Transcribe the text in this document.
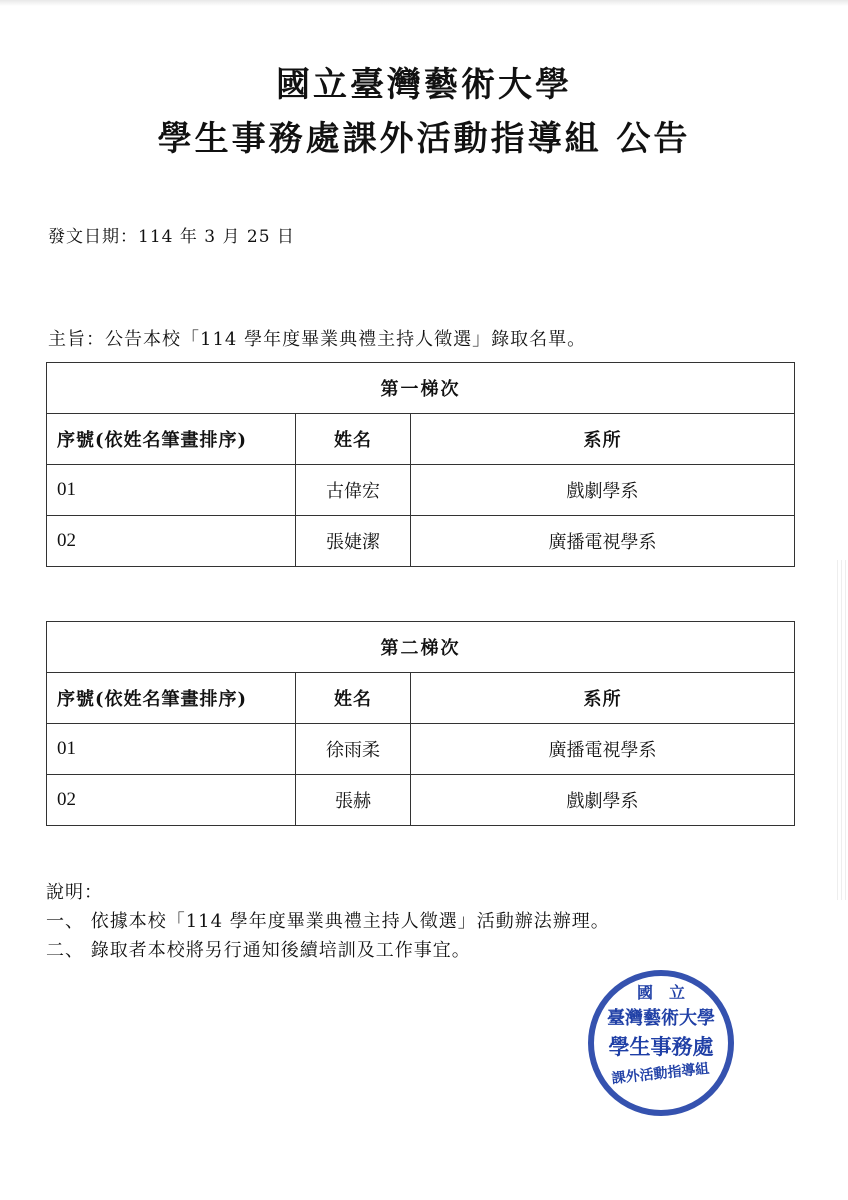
國立臺灣藝術大學
學生事務處課外活動指導組 公告
發文日期：114 年 3 月 25 日
主旨：公告本校「114 學年度畢業典禮主持人徵選」錄取名單。
第一梯次		
序號(依姓名筆畫排序)	姓名	系所
01	古偉宏	戲劇學系
02	張婕潔	廣播電視學系
第二梯次		
序號(依姓名筆畫排序)	姓名	系所
01	徐雨柔	廣播電視學系
02	張赫	戲劇學系
說明：
一、 依據本校「114 學年度畢業典禮主持人徵選」活動辦法辦理。
二、 錄取者本校將另行通知後續培訓及工作事宜。
國　立
臺灣藝術大學
學生事務處
課外活動指導組
